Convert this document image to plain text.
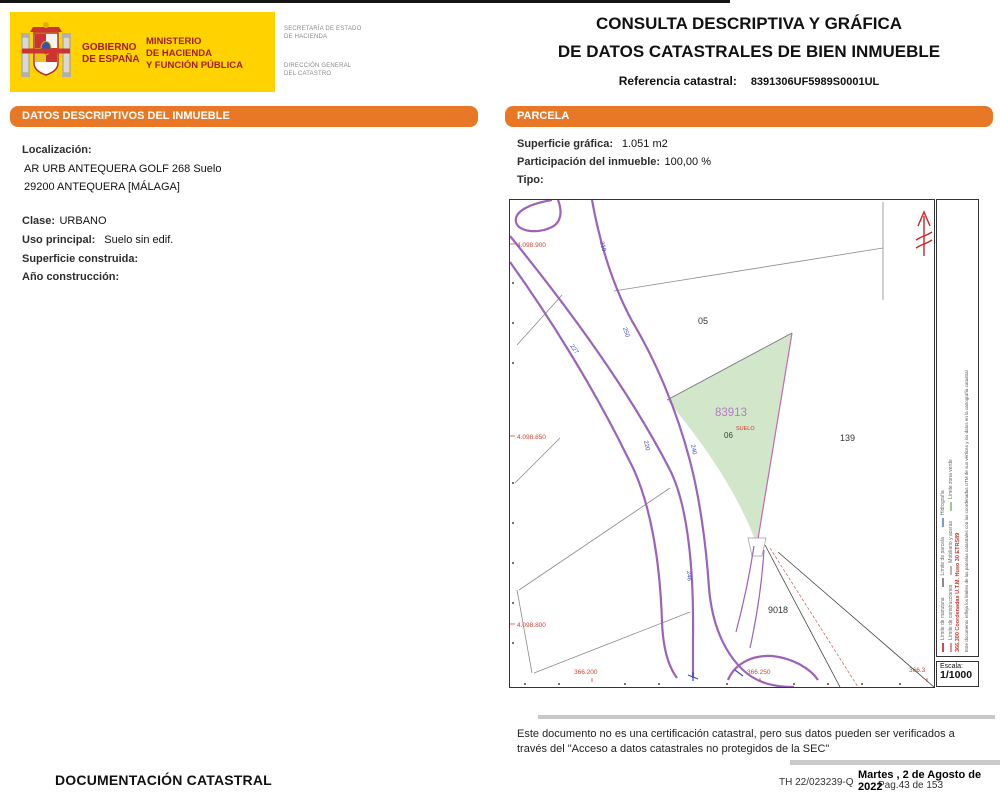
GOBIERNO
DE ESPAÑA
MINISTERIO
DE HACIENDA
Y FUNCIÓN PÚBLICA
SECRETARÍA DE ESTADO
DE HACIENDA
DIRECCIÓN GENERAL
DEL CATASTRO
CONSULTA DESCRIPTIVA Y GRÁFICA
DE DATOS CATASTRALES DE BIEN INMUEBLE
Referencia catastral: 8391306UF5989S0001UL
DATOS DESCRIPTIVOS DEL INMUEBLE	PARCELA
Localización:
AR URB ANTEQUERA GOLF 268 Suelo
29200 ANTEQUERA [MÁLAGA]
Clase: URBANO
Uso principal: Suelo sin edif.
Superficie construida:
Año construcción:
Superficie gráfica: 1.051 m2
Participación del inmueble: 100,00 %
Tipo:
4.098.900
4.098.850
4.098.800
366.200	366.250	366.3
05
139
9018
83913
SUELO
06
210
250
227
220	240
246
Límite de manzana
Límite de parcela
Hidrografía
Límite de construcciones
Mobiliario y aceras
Límite zona verde
366.300 Coordenadas U.T.M. Huso 30 ETRS89 Este documento refleja los límites de las parcelas catastrales con las coordenadas UTM de sus vértices y los datos en la cartografía catastral
Escala:
1/1000
Este documento no es una certificación catastral, pero sus datos pueden ser verificados a
través del "Acceso a datos catastrales no protegidos de la SEC"
DOCUMENTACIÓN CATASTRAL	TH 22/023239-Q Pag.43 de 153
Martes , 2 de Agosto de 2022
